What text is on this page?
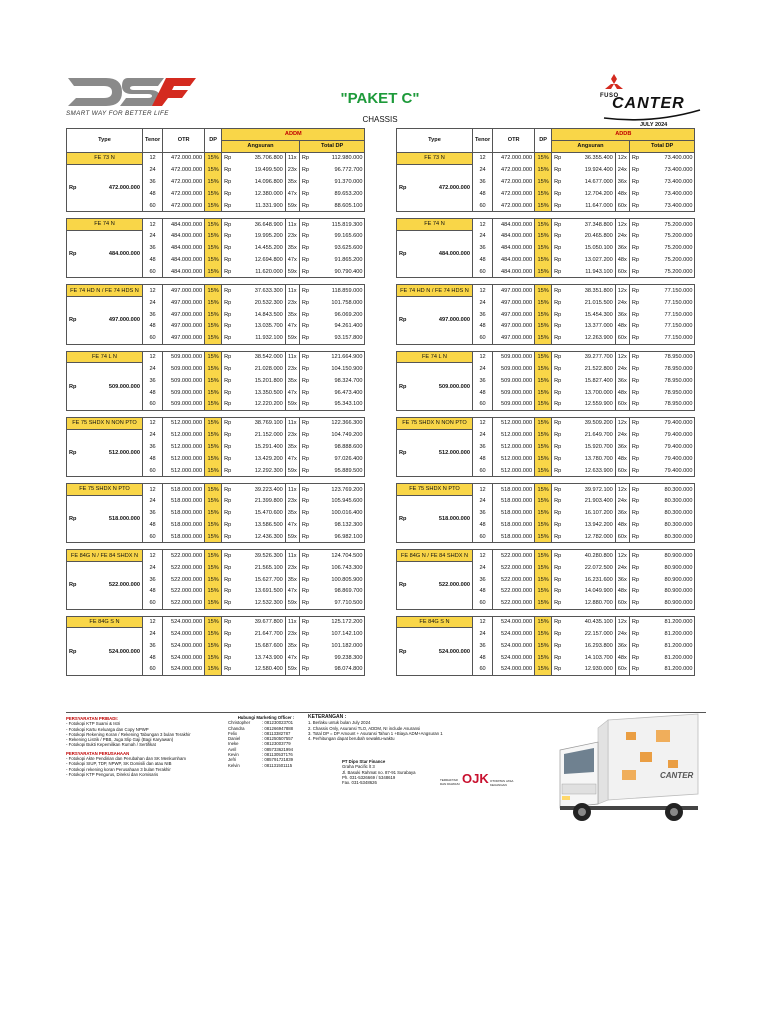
SMART WAY FOR BETTER LIFE
"PAKET C"
CHASSIS
FUSO
CANTER
JULY 2024
Type	Tenor	OTR	DP	ADDM				
				Angsuran			Total DP	
FE 73 N	12	472.000.000	15%	Rp	35.706.800	11x	Rp	112.980.000

Rp 472.000.000	24	472.000.000	15%	Rp	19.499.500	23x	Rp	96.772.700
	36	472.000.000	15%	Rp	14.096.800	35x	Rp	91.370.000
	48	472.000.000	15%	Rp	12.380.000	47x	Rp	89.653.200
	60	472.000.000	15%	Rp	11.331.900	59x	Rp	88.605.100

FE 74 N	12	484.000.000	15%	Rp	36.648.900	11x	Rp	115.819.300

Rp 484.000.000	24	484.000.000	15%	Rp	19.995.200	23x	Rp	99.165.600
	36	484.000.000	15%	Rp	14.455.200	35x	Rp	93.625.600
	48	484.000.000	15%	Rp	12.694.800	47x	Rp	91.865.200
	60	484.000.000	15%	Rp	11.620.000	59x	Rp	90.790.400

FE 74 HD N / FE 74 HDS N	12	497.000.000	15%	Rp	37.633.300	11x	Rp	118.859.000

Rp 497.000.000	24	497.000.000	15%	Rp	20.532.300	23x	Rp	101.758.000
	36	497.000.000	15%	Rp	14.843.500	35x	Rp	96.069.200
	48	497.000.000	15%	Rp	13.035.700	47x	Rp	94.261.400
	60	497.000.000	15%	Rp	11.932.100	59x	Rp	93.157.800

FE 74 L N	12	509.000.000	15%	Rp	38.542.000	11x	Rp	121.664.900

Rp 509.000.000	24	509.000.000	15%	Rp	21.028.000	23x	Rp	104.150.900
	36	509.000.000	15%	Rp	15.201.800	35x	Rp	98.324.700
	48	509.000.000	15%	Rp	13.350.500	47x	Rp	96.473.400
	60	509.000.000	15%	Rp	12.220.200	59x	Rp	95.343.100

FE 75 SHDX N NON PTO	12	512.000.000	15%	Rp	38.769.100	11x	Rp	122.366.300

Rp 512.000.000	24	512.000.000	15%	Rp	21.152.000	23x	Rp	104.749.200
	36	512.000.000	15%	Rp	15.291.400	35x	Rp	98.888.600
	48	512.000.000	15%	Rp	13.429.200	47x	Rp	97.026.400
	60	512.000.000	15%	Rp	12.292.300	59x	Rp	95.889.500

FE 75 SHDX N PTO	12	518.000.000	15%	Rp	39.223.400	11x	Rp	123.769.200

Rp 518.000.000	24	518.000.000	15%	Rp	21.399.800	23x	Rp	105.945.600
	36	518.000.000	15%	Rp	15.470.600	35x	Rp	100.016.400
	48	518.000.000	15%	Rp	13.586.500	47x	Rp	98.132.300
	60	518.000.000	15%	Rp	12.436.300	59x	Rp	96.982.100

FE 84G N / FE 84 SHDX N	12	522.000.000	15%	Rp	39.526.300	11x	Rp	124.704.500

Rp 522.000.000	24	522.000.000	15%	Rp	21.565.100	23x	Rp	106.743.300
	36	522.000.000	15%	Rp	15.627.700	35x	Rp	100.805.900
	48	522.000.000	15%	Rp	13.691.500	47x	Rp	98.869.700
	60	522.000.000	15%	Rp	12.532.300	59x	Rp	97.710.500

FE 84G S N	12	524.000.000	15%	Rp	39.677.800	11x	Rp	125.172.200

Rp 524.000.000	24	524.000.000	15%	Rp	21.647.700	23x	Rp	107.142.100
	36	524.000.000	15%	Rp	15.687.600	35x	Rp	101.182.000
	48	524.000.000	15%	Rp	13.743.900	47x	Rp	99.238.300
	60	524.000.000	15%	Rp	12.580.400	59x	Rp	98.074.800
Type	Tenor	OTR	DP	ADDB				
				Angsuran			Total DP	
FE 73 N	12	472.000.000	15%	Rp	36.355.400	12x	Rp	73.400.000

Rp 472.000.000	24	472.000.000	15%	Rp	19.924.400	24x	Rp	73.400.000
	36	472.000.000	15%	Rp	14.677.000	36x	Rp	73.400.000
	48	472.000.000	15%	Rp	12.704.200	48x	Rp	73.400.000
	60	472.000.000	15%	Rp	11.647.000	60x	Rp	73.400.000

FE 74 N	12	484.000.000	15%	Rp	37.348.800	12x	Rp	75.200.000

Rp 484.000.000	24	484.000.000	15%	Rp	20.465.800	24x	Rp	75.200.000
	36	484.000.000	15%	Rp	15.050.100	36x	Rp	75.200.000
	48	484.000.000	15%	Rp	13.027.200	48x	Rp	75.200.000
	60	484.000.000	15%	Rp	11.943.100	60x	Rp	75.200.000

FE 74 HD N / FE 74 HDS N	12	497.000.000	15%	Rp	38.351.800	12x	Rp	77.150.000

Rp 497.000.000	24	497.000.000	15%	Rp	21.015.500	24x	Rp	77.150.000
	36	497.000.000	15%	Rp	15.454.300	36x	Rp	77.150.000
	48	497.000.000	15%	Rp	13.377.000	48x	Rp	77.150.000
	60	497.000.000	15%	Rp	12.263.900	60x	Rp	77.150.000

FE 74 L N	12	509.000.000	15%	Rp	39.277.700	12x	Rp	78.950.000

Rp 509.000.000	24	509.000.000	15%	Rp	21.522.800	24x	Rp	78.950.000
	36	509.000.000	15%	Rp	15.827.400	36x	Rp	78.950.000
	48	509.000.000	15%	Rp	13.700.000	48x	Rp	78.950.000
	60	509.000.000	15%	Rp	12.559.900	60x	Rp	78.950.000

FE 75 SHDX N NON PTO	12	512.000.000	15%	Rp	39.509.200	12x	Rp	79.400.000

Rp 512.000.000	24	512.000.000	15%	Rp	21.649.700	24x	Rp	79.400.000
	36	512.000.000	15%	Rp	15.920.700	36x	Rp	79.400.000
	48	512.000.000	15%	Rp	13.780.700	48x	Rp	79.400.000
	60	512.000.000	15%	Rp	12.633.900	60x	Rp	79.400.000

FE 75 SHDX N PTO	12	518.000.000	15%	Rp	39.972.100	12x	Rp	80.300.000

Rp 518.000.000	24	518.000.000	15%	Rp	21.903.400	24x	Rp	80.300.000
	36	518.000.000	15%	Rp	16.107.200	36x	Rp	80.300.000
	48	518.000.000	15%	Rp	13.942.200	48x	Rp	80.300.000
	60	518.000.000	15%	Rp	12.782.000	60x	Rp	80.300.000

FE 84G N / FE 84 SHDX N	12	522.000.000	15%	Rp	40.280.800	12x	Rp	80.900.000

Rp 522.000.000	24	522.000.000	15%	Rp	22.072.500	24x	Rp	80.900.000
	36	522.000.000	15%	Rp	16.231.600	36x	Rp	80.900.000
	48	522.000.000	15%	Rp	14.049.900	48x	Rp	80.900.000
	60	522.000.000	15%	Rp	12.880.700	60x	Rp	80.900.000

FE 84G S N	12	524.000.000	15%	Rp	40.435.100	12x	Rp	81.200.000

Rp 524.000.000	24	524.000.000	15%	Rp	22.157.000	24x	Rp	81.200.000
	36	524.000.000	15%	Rp	16.293.800	36x	Rp	81.200.000
	48	524.000.000	15%	Rp	14.103.700	48x	Rp	81.200.000
	60	524.000.000	15%	Rp	12.930.000	60x	Rp	81.200.000
PERSYARATAN PRIBADI:
- Fotokopi KTP Suami & Istri
- Fotokopi Kartu Keluarga dan Copy NPWP
- Fotokopi Rekening Koran / Rekening Tabungan 3 bulan Terakhir
- Rekening Listrik / PBB, Juga Slip Gaji (Bagi Karyawan)
- Fotokopi Bukti Kepemilikan Rumah / Sertifikat
PERSYARATAN PERUSAHAAN
- Fotokopi Akte Pendirian dan Perubahan dan SK Menkumham
- Fotokopi SIUP, TDP, NPWP, SK Domisili dan atau NIB
- Fotokopi rekening koran Perusahaan 3 bulan Terakhir
- Fotokopi KTP Pengurus, Direksi dan Komisaris
Hubungi Marketing Officer :
Christopher	: 081230023701
Chandra	: 081266947888
Felix	: 08113382787
Daniel	: 081250507557
Ineke	: 08123003779
Avril	: 085733621994
Kevin	: 081130537176
Jefri	: 085791721839
Kelvin	: 081131501115
KETERANGAN :
1. Berlaku untuk bulan July 2024
2. Chassis Only, Asuransi TLO, ADDM, NI include Asuransi
3. Total DP = DP Amount + Asuransi Tahun 1 +Biaya ADM+Angsuran 1
4. Perhitungan dapat berubah sewaktu-waktu
PT Dipo Star Finance
Graha Pacific lt 3
Jl. Basuki Rahmat no. 87-91 Surabaya
Ph. 031-5326669 / 5348619
Fax. 031-5348626
TERDAFTAR DAN DIAWASI OJK OTORITAS JASA KEUANGAN
CANTER
